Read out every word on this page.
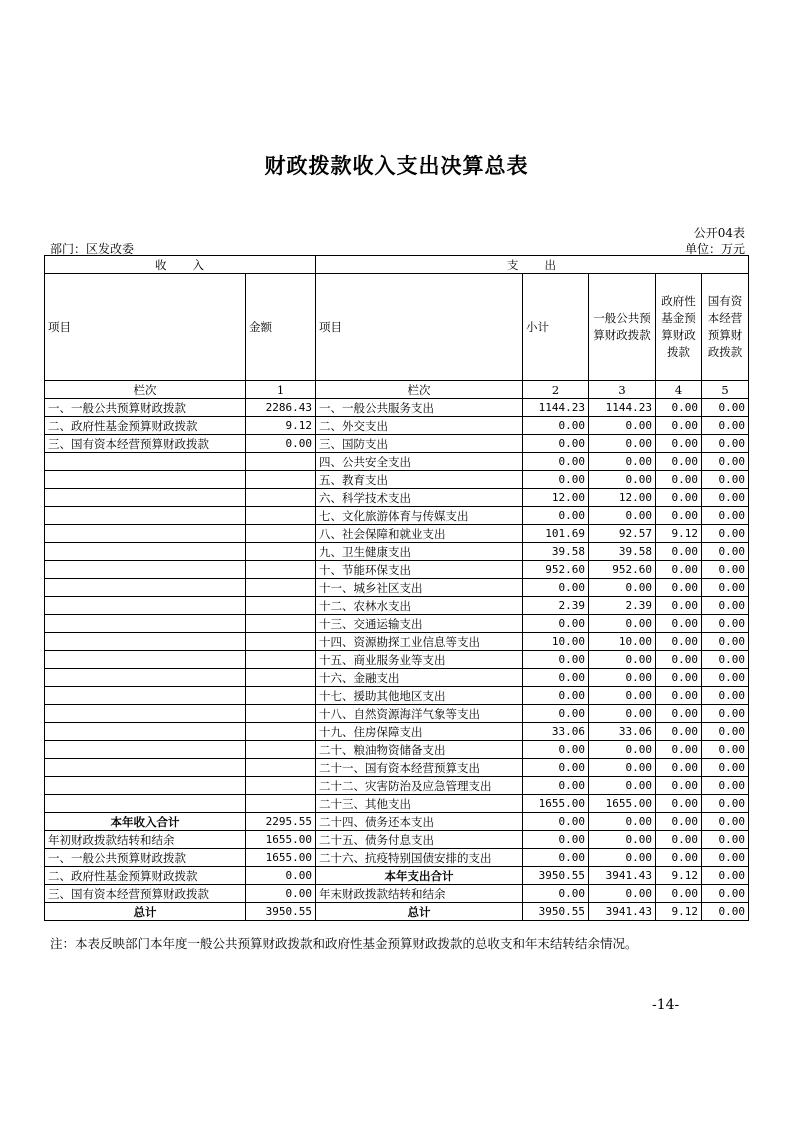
财政拨款收入支出决算总表
公开04表
部门：区发改委	单位：万元
收　　入		支　　出				
项目	金额	项目	小计	一般公共预算财政拨款	政府性基金预算财政拨款	国有资本经营预算财政拨款
栏次	1	栏次	2	3	4	5
一、一般公共预算财政拨款	2286.43	一、一般公共服务支出	1144.23	1144.23	0.00	0.00
二、政府性基金预算财政拨款	9.12	二、外交支出	0.00	0.00	0.00	0.00
三、国有资本经营预算财政拨款	0.00	三、国防支出	0.00	0.00	0.00	0.00
		四、公共安全支出	0.00	0.00	0.00	0.00
		五、教育支出	0.00	0.00	0.00	0.00
		六、科学技术支出	12.00	12.00	0.00	0.00
		七、文化旅游体育与传媒支出	0.00	0.00	0.00	0.00
		八、社会保障和就业支出	101.69	92.57	9.12	0.00
		九、卫生健康支出	39.58	39.58	0.00	0.00
		十、节能环保支出	952.60	952.60	0.00	0.00
		十一、城乡社区支出	0.00	0.00	0.00	0.00
		十二、农林水支出	2.39	2.39	0.00	0.00
		十三、交通运输支出	0.00	0.00	0.00	0.00
		十四、资源勘探工业信息等支出	10.00	10.00	0.00	0.00
		十五、商业服务业等支出	0.00	0.00	0.00	0.00
		十六、金融支出	0.00	0.00	0.00	0.00
		十七、援助其他地区支出	0.00	0.00	0.00	0.00
		十八、自然资源海洋气象等支出	0.00	0.00	0.00	0.00
		十九、住房保障支出	33.06	33.06	0.00	0.00
		二十、粮油物资储备支出	0.00	0.00	0.00	0.00
		二十一、国有资本经营预算支出	0.00	0.00	0.00	0.00
		二十二、灾害防治及应急管理支出	0.00	0.00	0.00	0.00
		二十三、其他支出	1655.00	1655.00	0.00	0.00
本年收入合计	2295.55	二十四、债务还本支出	0.00	0.00	0.00	0.00
年初财政拨款结转和结余	1655.00	二十五、债务付息支出	0.00	0.00	0.00	0.00
一、一般公共预算财政拨款	1655.00	二十六、抗疫特别国债安排的支出	0.00	0.00	0.00	0.00
二、政府性基金预算财政拨款	0.00	本年支出合计	3950.55	3941.43	9.12	0.00
三、国有资本经营预算财政拨款	0.00	年末财政拨款结转和结余	0.00	0.00	0.00	0.00
总计	3950.55	总计	3950.55	3941.43	9.12	0.00
注：本表反映部门本年度一般公共预算财政拨款和政府性基金预算财政拨款的总收支和年末结转结余情况。
-14-
